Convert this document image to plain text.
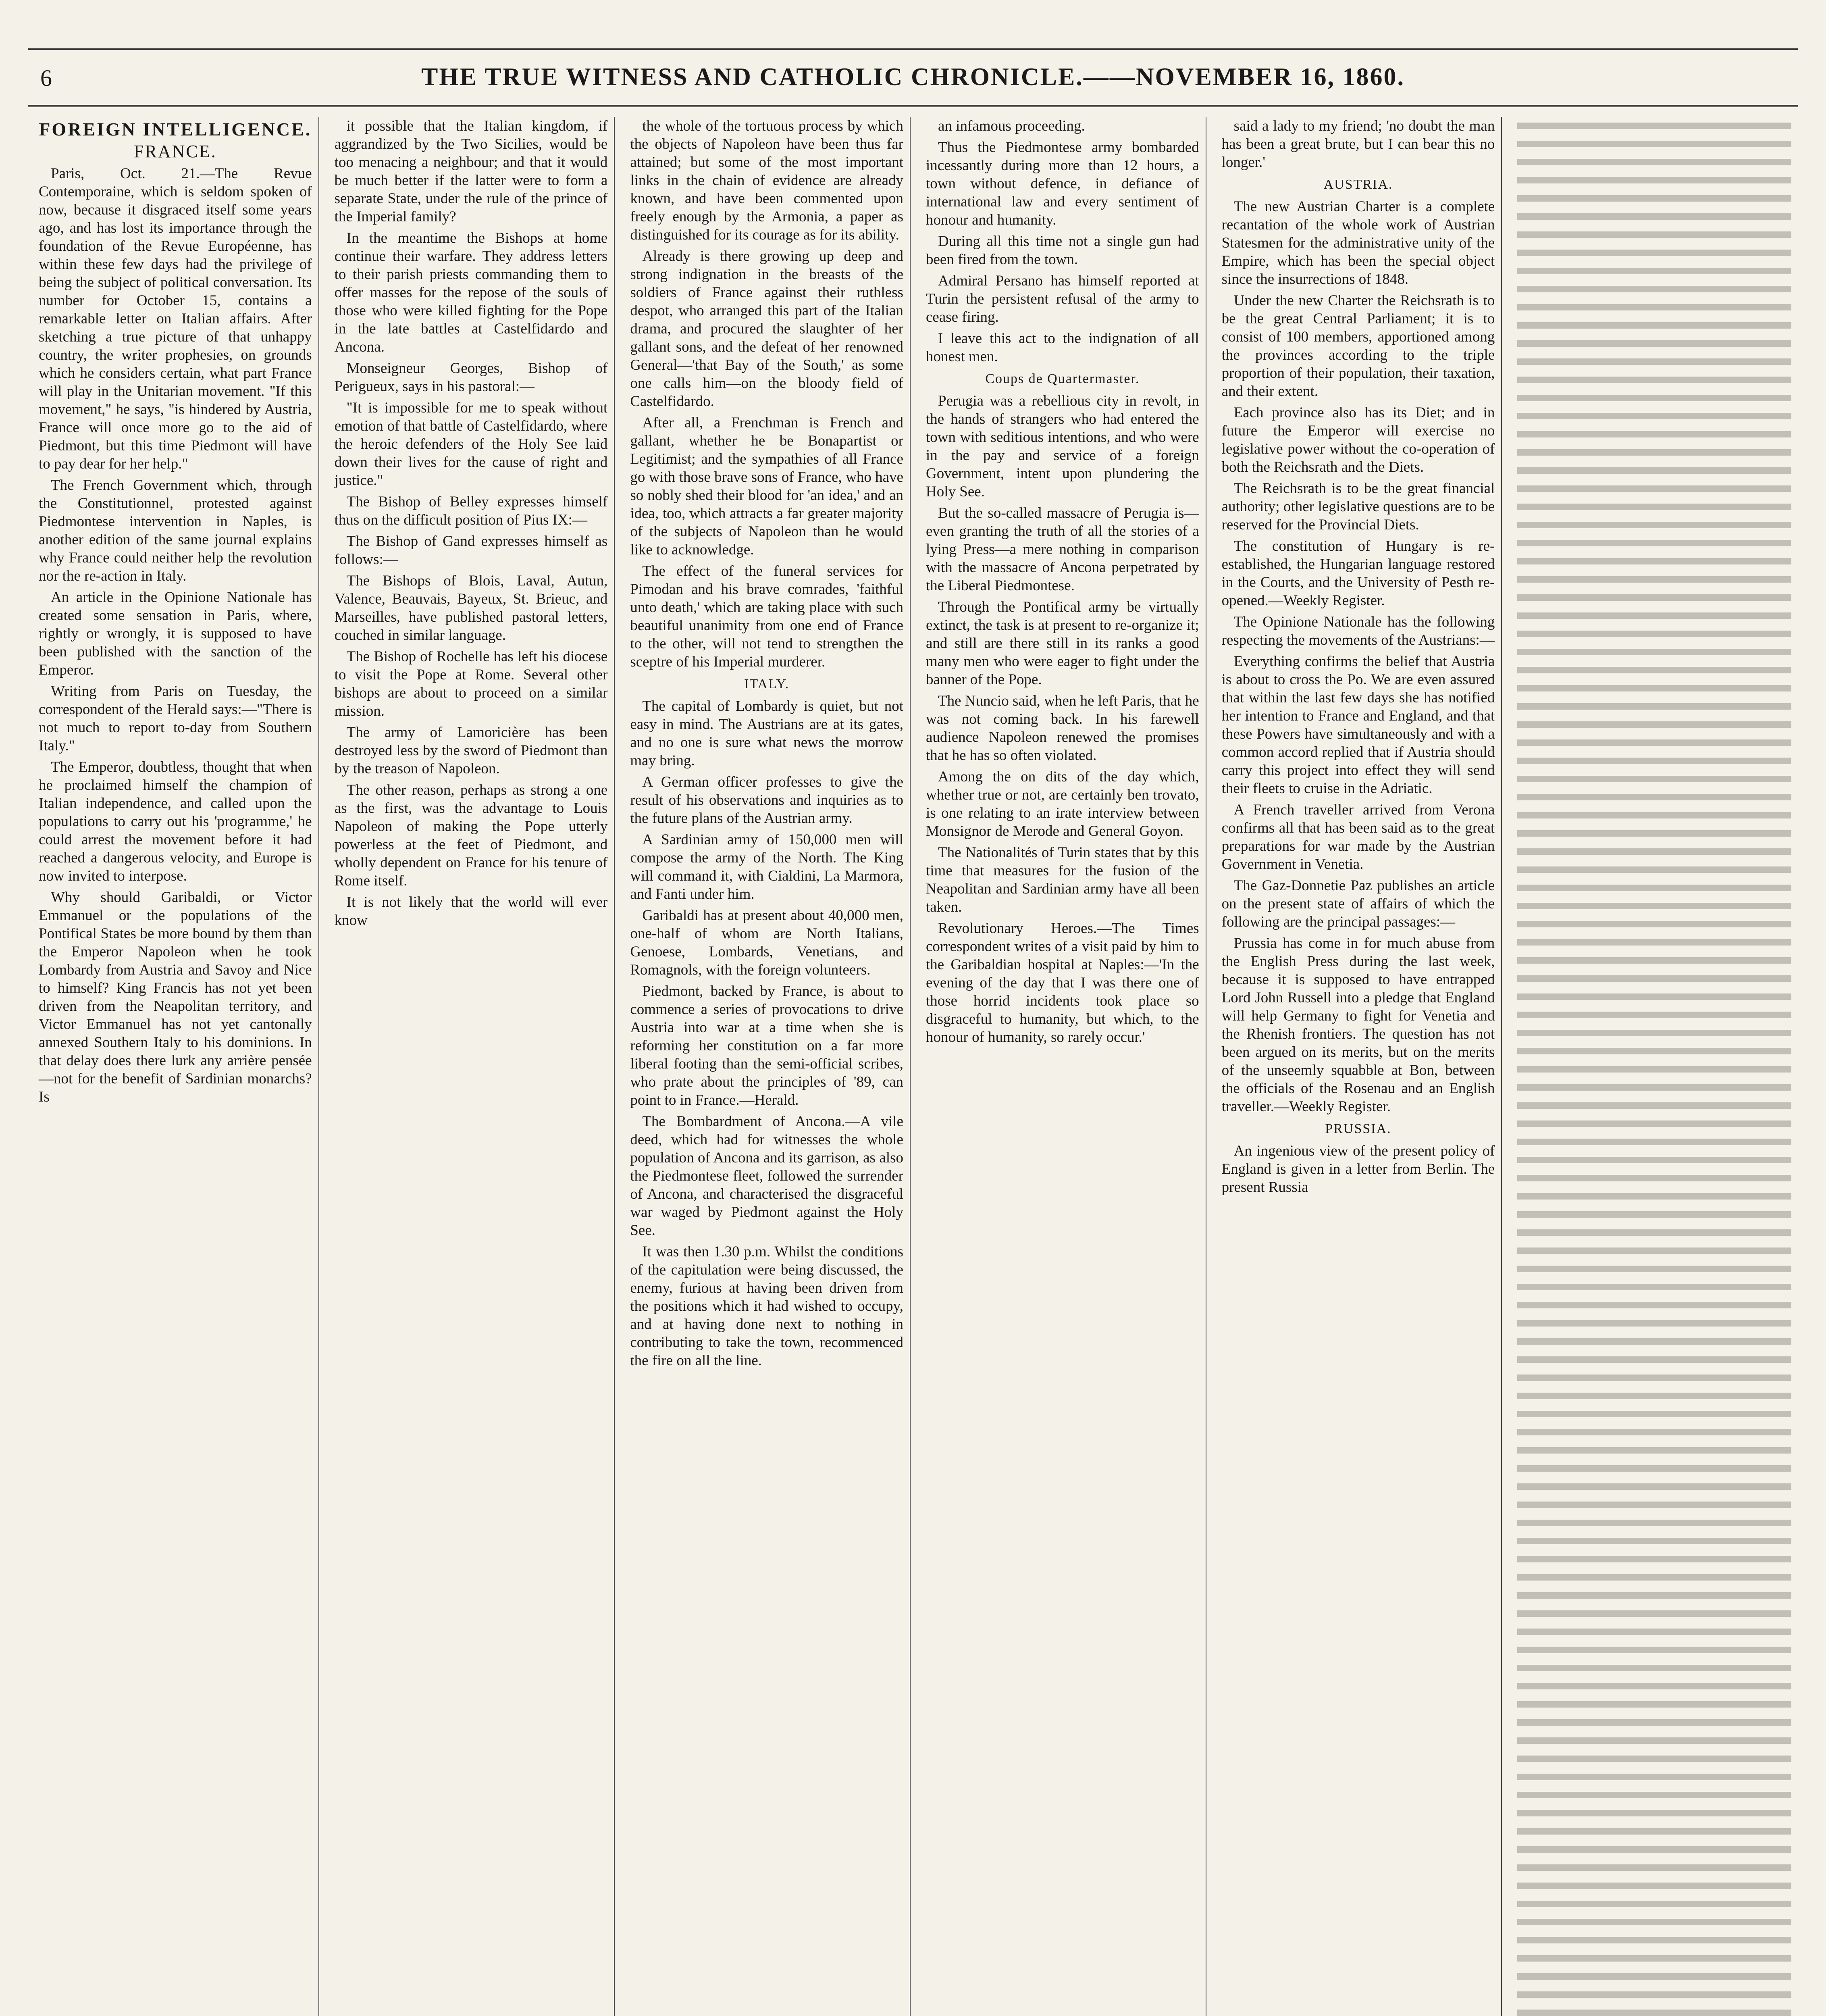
6	THE TRUE WITNESS AND CATHOLIC CHRONICLE.——NOVEMBER 16, 1860.
FOREIGN INTELLIGENCE.
FRANCE.

Paris, Oct. 21.—The Revue Contemporaine, which is seldom spoken of now, because it disgraced itself some years ago, and has lost its importance through the foundation of the Revue Européenne, has within these few days had the privilege of being the subject of political conversation. Its number for October 15, contains a remarkable letter on Italian affairs. After sketching a true picture of that unhappy country, the writer prophesies, on grounds which he considers certain, what part France will play in the Unitarian movement. "If this movement," he says, "is hindered by Austria, France will once more go to the aid of Piedmont, but this time Piedmont will have to pay dear for her help."

The French Government which, through the Constitutionnel, protested against Piedmontese intervention in Naples, is another edition of the same journal explains why France could neither help the revolution nor the re-action in Italy.

An article in the Opinione Nationale has created some sensation in Paris, where, rightly or wrongly, it is supposed to have been published with the sanction of the Emperor.

Writing from Paris on Tuesday, the correspondent of the Herald says:—"There is not much to report to-day from Southern Italy."

The Emperor, doubtless, thought that when he proclaimed himself the champion of Italian independence, and called upon the populations to carry out his 'programme,' he could arrest the movement before it had reached a dangerous velocity, and Europe is now invited to interpose.

Why should Garibaldi, or Victor Emmanuel or the populations of the Pontifical States be more bound by them than the Emperor Napoleon when he took Lombardy from Austria and Savoy and Nice to himself? King Francis has not yet been driven from the Neapolitan territory, and Victor Emmanuel has not yet cantonally annexed Southern Italy to his dominions. In that delay does there lurk any arrière pensée—not for the benefit of Sardinian monarchs? Is

it possible that the Italian kingdom, if aggrandized by the Two Sicilies, would be too menacing a neighbour; and that it would be much better if the latter were to form a separate State, under the rule of the prince of the Imperial family?

In the meantime the Bishops at home continue their warfare. They address letters to their parish priests commanding them to offer masses for the repose of the souls of those who were killed fighting for the Pope in the late battles at Castelfidardo and Ancona.

Monseigneur Georges, Bishop of Perigueux, says in his pastoral:—

"It is impossible for me to speak without emotion of that battle of Castelfidardo, where the heroic defenders of the Holy See laid down their lives for the cause of right and justice."

The Bishop of Belley expresses himself thus on the difficult position of Pius IX:—

The Bishop of Gand expresses himself as follows:—

The Bishops of Blois, Laval, Autun, Valence, Beauvais, Bayeux, St. Brieuc, and Marseilles, have published pastoral letters, couched in similar language.

The Bishop of Rochelle has left his diocese to visit the Pope at Rome. Several other bishops are about to proceed on a similar mission.

The army of Lamoricière has been destroyed less by the sword of Piedmont than by the treason of Napoleon.

The other reason, perhaps as strong a one as the first, was the advantage to Louis Napoleon of making the Pope utterly powerless at the feet of Piedmont, and wholly dependent on France for his tenure of Rome itself.

It is not likely that the world will ever know

the whole of the tortuous process by which the objects of Napoleon have been thus far attained; but some of the most important links in the chain of evidence are already known, and have been commented upon freely enough by the Armonia, a paper as distinguished for its courage as for its ability.

Already is there growing up deep and strong indignation in the breasts of the soldiers of France against their ruthless despot, who arranged this part of the Italian drama, and procured the slaughter of her gallant sons, and the defeat of her renowned General—'that Bay of the South,' as some one calls him—on the bloody field of Castelfidardo.

After all, a Frenchman is French and gallant, whether he be Bonapartist or Legitimist; and the sympathies of all France go with those brave sons of France, who have so nobly shed their blood for 'an idea,' and an idea, too, which attracts a far greater majority of the subjects of Napoleon than he would like to acknowledge.

The effect of the funeral services for Pimodan and his brave comrades, 'faithful unto death,' which are taking place with such beautiful unanimity from one end of France to the other, will not tend to strengthen the sceptre of his Imperial murderer.

ITALY.

The capital of Lombardy is quiet, but not easy in mind. The Austrians are at its gates, and no one is sure what news the morrow may bring.

A German officer professes to give the result of his observations and inquiries as to the future plans of the Austrian army.

A Sardinian army of 150,000 men will compose the army of the North. The King will command it, with Cialdini, La Marmora, and Fanti under him.

Garibaldi has at present about 40,000 men, one-half of whom are North Italians, Genoese, Lombards, Venetians, and Romagnols, with the foreign volunteers.

Piedmont, backed by France, is about to commence a series of provocations to drive Austria into war at a time when she is reforming her constitution on a far more liberal footing than the semi-official scribes, who prate about the principles of '89, can point to in France.—Herald.

The Bombardment of Ancona.—A vile deed, which had for witnesses the whole population of Ancona and its garrison, as also the Piedmontese fleet, followed the surrender of Ancona, and characterised the disgraceful war waged by Piedmont against the Holy See.

It was then 1.30 p.m. Whilst the conditions of the capitulation were being discussed, the enemy, furious at having been driven from the positions which it had wished to occupy, and at having done next to nothing in contributing to take the town, recommenced the fire on all the line.

an infamous proceeding.

Thus the Piedmontese army bombarded incessantly during more than 12 hours, a town without defence, in defiance of international law and every sentiment of honour and humanity.

During all this time not a single gun had been fired from the town.

Admiral Persano has himself reported at Turin the persistent refusal of the army to cease firing.

I leave this act to the indignation of all honest men.

Coups de Quartermaster.

Perugia was a rebellious city in revolt, in the hands of strangers who had entered the town with seditious intentions, and who were in the pay and service of a foreign Government, intent upon plundering the Holy See.

But the so-called massacre of Perugia is—even granting the truth of all the stories of a lying Press—a mere nothing in comparison with the massacre of Ancona perpetrated by the Liberal Piedmontese.

Through the Pontifical army be virtually extinct, the task is at present to re-organize it; and still are there still in its ranks a good many men who were eager to fight under the banner of the Pope.

The Nuncio said, when he left Paris, that he was not coming back. In his farewell audience Napoleon renewed the promises that he has so often violated.

Among the on dits of the day which, whether true or not, are certainly ben trovato, is one relating to an irate interview between Monsignor de Merode and General Goyon.

The Nationalités of Turin states that by this time that measures for the fusion of the Neapolitan and Sardinian army have all been taken.

Revolutionary Heroes.—The Times correspondent writes of a visit paid by him to the Garibaldian hospital at Naples:—'In the evening of the day that I was there one of those horrid incidents took place so disgraceful to humanity, but which, to the honour of humanity, so rarely occur.'

said a lady to my friend; 'no doubt the man has been a great brute, but I can bear this no longer.'

AUSTRIA.

The new Austrian Charter is a complete recantation of the whole work of Austrian Statesmen for the administrative unity of the Empire, which has been the special object since the insurrections of 1848.

Under the new Charter the Reichsrath is to be the great Central Parliament; it is to consist of 100 members, apportioned among the provinces according to the triple proportion of their population, their taxation, and their extent.

Each province also has its Diet; and in future the Emperor will exercise no legislative power without the co-operation of both the Reichsrath and the Diets.

The Reichsrath is to be the great financial authority; other legislative questions are to be reserved for the Provincial Diets.

The constitution of Hungary is re-established, the Hungarian language restored in the Courts, and the University of Pesth re-opened.—Weekly Register.

The Opinione Nationale has the following respecting the movements of the Austrians:—

Everything confirms the belief that Austria is about to cross the Po. We are even assured that within the last few days she has notified her intention to France and England, and that these Powers have simultaneously and with a common accord replied that if Austria should carry this project into effect they will send their fleets to cruise in the Adriatic.

A French traveller arrived from Verona confirms all that has been said as to the great preparations for war made by the Austrian Government in Venetia.

The Gaz-Donnetie Paz publishes an article on the present state of affairs of which the following are the principal passages:—

Prussia has come in for much abuse from the English Press during the last week, because it is supposed to have entrapped Lord John Russell into a pledge that England will help Germany to fight for Venetia and the Rhenish frontiers. The question has not been argued on its merits, but on the merits of the unseemly squabble at Bon, between the officials of the Rosenau and an English traveller.—Weekly Register.

PRUSSIA.

An ingenious view of the present policy of England is given in a letter from Berlin. The present Russia
